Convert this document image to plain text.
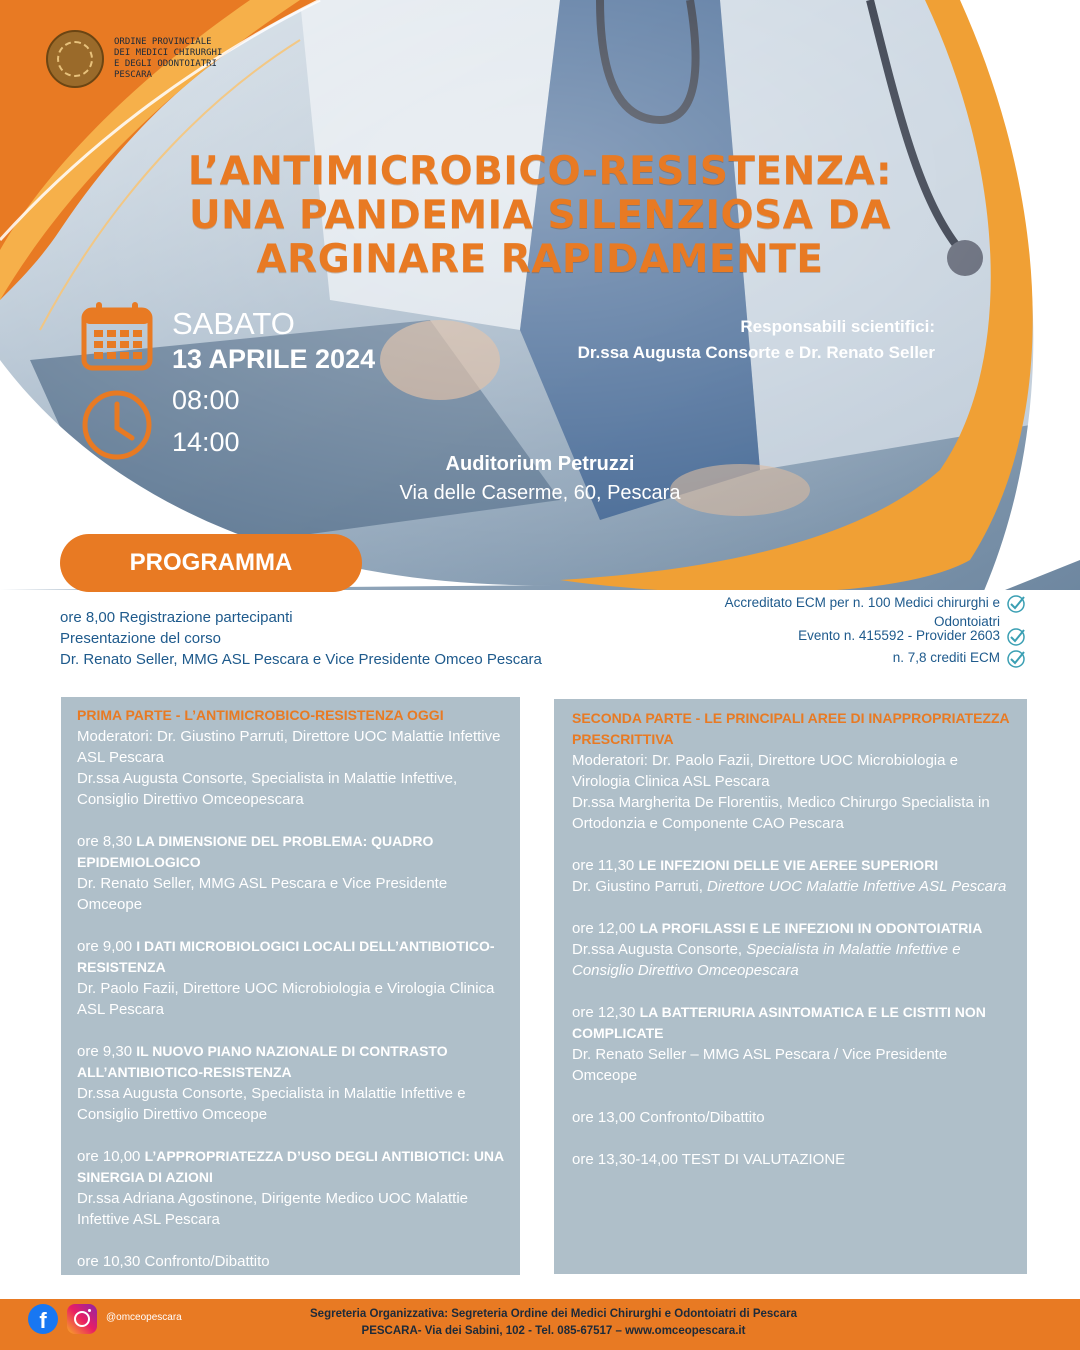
ORDINE PROVINCIALE
DEI MEDICI CHIRURGHI
E DEGLI ODONTOIATRI
PESCARA
L’ANTIMICROBICO-RESISTENZA:
UNA PANDEMIA SILENZIOSA DA
ARGINARE RAPIDAMENTE
SABATO
13 APRILE 2024
08:00
14:00
Responsabili scientifici:
Dr.ssa Augusta Consorte e Dr. Renato Seller
Auditorium Petruzzi
Via delle Caserme, 60, Pescara
PROGRAMMA
ore 8,00 Registrazione partecipanti
Presentazione del corso
Dr. Renato Seller, MMG ASL Pescara e Vice Presidente Omceo Pescara
Accreditato ECM per n. 100 Medici chirurghi e Odontoiatri
Evento n. 415592 - Provider 2603
n. 7,8 crediti ECM
PRIMA PARTE - L’ANTIMICROBICO-RESISTENZA OGGI
Moderatori: Dr. Giustino Parruti, Direttore UOC Malattie Infettive ASL Pescara
Dr.ssa Augusta Consorte, Specialista in Malattie Infettive, Consiglio Direttivo Omceopescara
ore 8,30 LA DIMENSIONE DEL PROBLEMA: QUADRO EPIDEMIOLOGICO
Dr. Renato Seller, MMG ASL Pescara e Vice Presidente Omceope
ore 9,00 I DATI MICROBIOLOGICI LOCALI DELL’ANTIBIOTICO-RESISTENZA
Dr. Paolo Fazii, Direttore UOC Microbiologia e Virologia Clinica ASL Pescara
ore 9,30 IL NUOVO PIANO NAZIONALE DI CONTRASTO ALL’ANTIBIOTICO-RESISTENZA
Dr.ssa Augusta Consorte, Specialista in Malattie Infettive e Consiglio Direttivo Omceope
ore 10,00 L’APPROPRIATEZZA D’USO DEGLI ANTIBIOTICI: UNA SINERGIA DI AZIONI
Dr.ssa Adriana Agostinone, Dirigente Medico UOC Malattie Infettive ASL Pescara
ore 10,30 Confronto/Dibattito
SECONDA PARTE - LE PRINCIPALI AREE DI INAPPROPRIATEZZA PRESCRITTIVA
Moderatori: Dr. Paolo Fazii, Direttore UOC Microbiologia e Virologia Clinica ASL Pescara
Dr.ssa Margherita De Florentiis, Medico Chirurgo Specialista in Ortodonzia e Componente CAO Pescara
ore 11,30 LE INFEZIONI DELLE VIE AEREE SUPERIORI
Dr. Giustino Parruti, Direttore UOC Malattie Infettive ASL Pescara
ore 12,00 LA PROFILASSI E LE INFEZIONI IN ODONTOIATRIA
Dr.ssa Augusta Consorte, Specialista in Malattie Infettive e Consiglio Direttivo Omceopescara
ore 12,30 LA BATTERIURIA ASINTOMATICA E LE CISTITI NON COMPLICATE
Dr. Renato Seller – MMG ASL Pescara / Vice Presidente Omceope
ore 13,00 Confronto/Dibattito
ore 13,30-14,00 TEST DI VALUTAZIONE
f	@omceopescara	Segreteria Organizzativa: Segreteria Ordine dei Medici Chirurghi e Odontoiatri di Pescara
PESCARA- Via dei Sabini, 102 - Tel. 085-67517 – www.omceopescara.it
